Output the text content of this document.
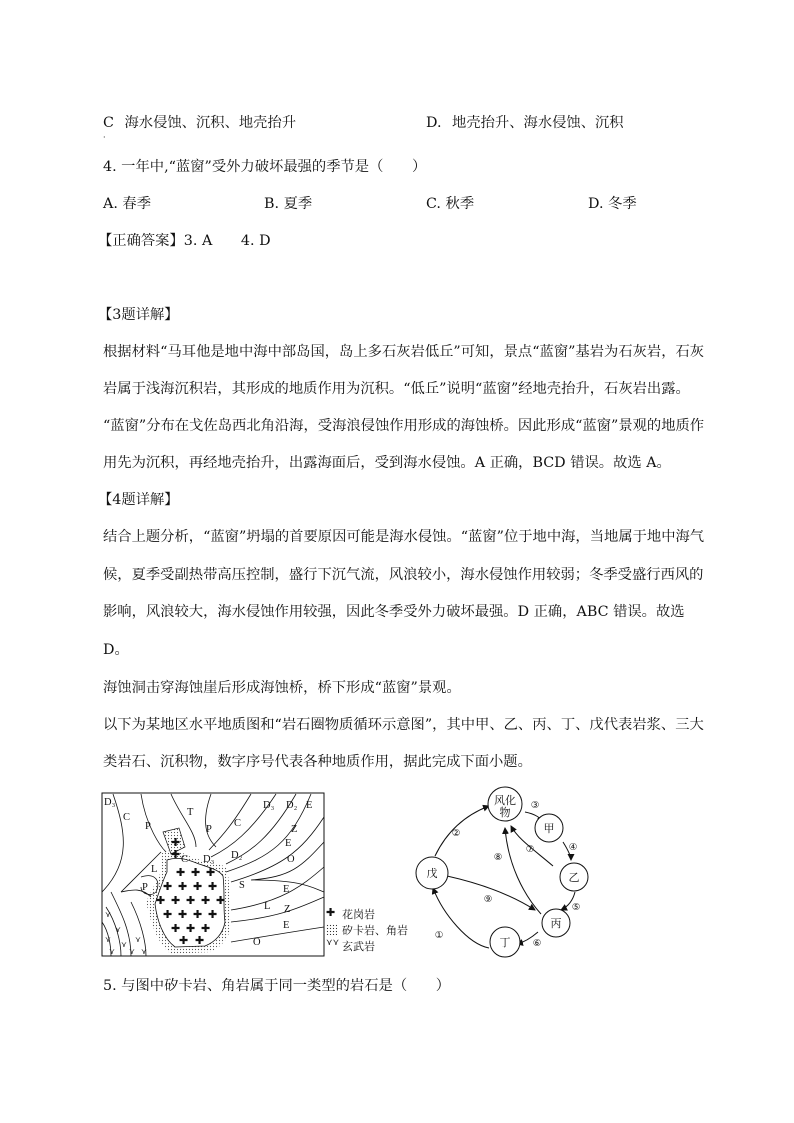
C 海水侵蚀、沉积、地壳抬升
·
D. 地壳抬升、海水侵蚀、沉积
4. 一年中,“蓝窗”受外力破坏最强的季节是（　　）
A. 春季	B. 夏季	C. 秋季	D. 冬季
【正确答案】3. A　　4. D
【3题详解】
根据材料“马耳他是地中海中部岛国，岛上多石灰岩低丘”可知，景点“蓝窗”基岩为石灰岩，石灰
岩属于浅海沉积岩，其形成的地质作用为沉积。“低丘”说明“蓝窗”经地壳抬升，石灰岩出露。
“蓝窗”分布在戈佐岛西北角沿海，受海浪侵蚀作用形成的海蚀桥。因此形成“蓝窗”景观的地质作
用先为沉积，再经地壳抬升，出露海面后，受到海水侵蚀。A 正确，BCD 错误。故选 A。
【4题详解】
结合上题分析，“蓝窗”坍塌的首要原因可能是海水侵蚀。“蓝窗”位于地中海，当地属于地中海气
候，夏季受副热带高压控制，盛行下沉气流，风浪较小，海水侵蚀作用较弱；冬季受盛行西风的
影响，风浪较大，海水侵蚀作用较强，因此冬季受外力破坏最强。D 正确，ABC 错误。故选
D。
海蚀洞击穿海蚀崖后形成海蚀桥，桥下形成“蓝窗”景观。
以下为某地区水平地质图和“岩石圈物质循环示意图”，其中甲、乙、丙、丁、戊代表岩浆、三大
类岩石、沉积物，数字序号代表各种地质作用，据此完成下面小题。
✚
✚
✚ ✚ ✚
✚ ✚ ✚ ✚
✚ ✚ ✚ ✚ ✚
✚ ✚ ✚ ✚
✚ ✚ ✚
✚ ✚
⋎
⋎
⋎
⋎
⋎
⋎ ⋎ ⋎
D₃
C
P
T
P
C
D₃ D₂ E
Z
E
O
D₃ D₂
S	E
L Z
E
O
P
L
C
✚ 花岗岩
矽卡岩、角岩
⋎⋎ 玄武岩
风化
物
甲
乙
丙
丁
戊
①
②
③
④
⑤
⑥
⑦
⑧
⑨
5. 与图中矽卡岩、角岩属于同一类型的岩石是（　　）
